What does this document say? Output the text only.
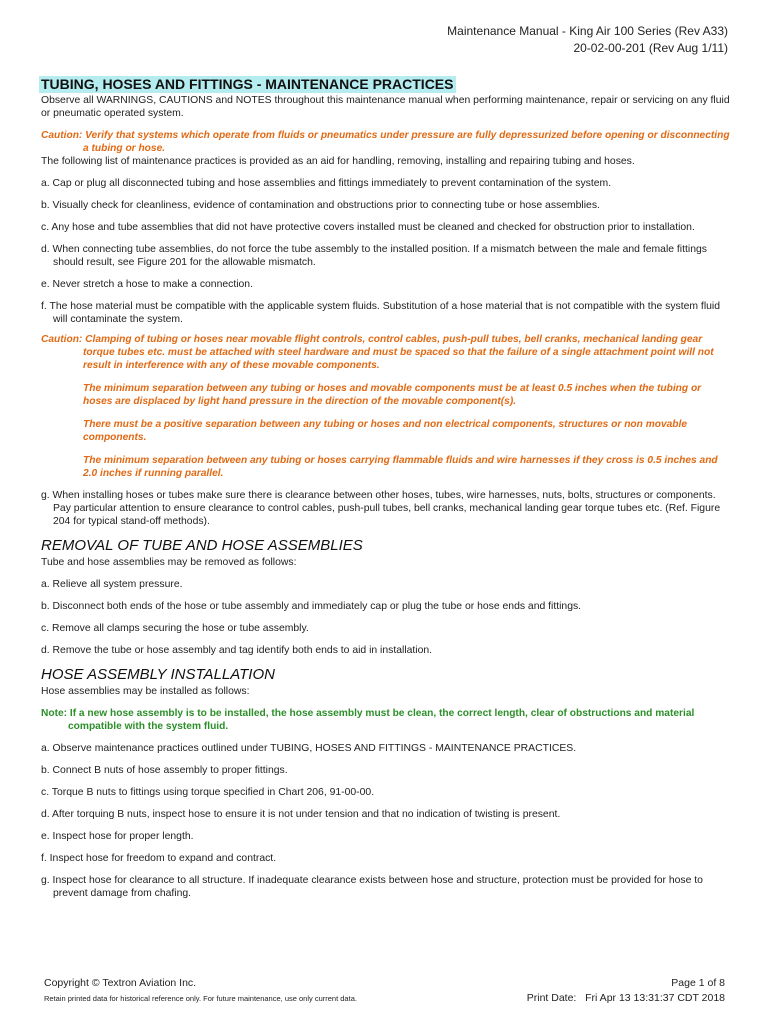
Maintenance Manual - King Air 100 Series (Rev A33)
20-02-00-201 (Rev Aug 1/11)
TUBING, HOSES AND FITTINGS - MAINTENANCE PRACTICES

Observe all WARNINGS, CAUTIONS and NOTES throughout this maintenance manual when performing maintenance, repair or servicing on any fluid or pneumatic operated system.

Caution: Verify that systems which operate from fluids or pneumatics under pressure are fully depressurized before opening or disconnecting a tubing or hose.

The following list of maintenance practices is provided as an aid for handling, removing, installing and repairing tubing and hoses.

a. Cap or plug all disconnected tubing and hose assemblies and fittings immediately to prevent contamination of the system.

b. Visually check for cleanliness, evidence of contamination and obstructions prior to connecting tube or hose assemblies.

c. Any hose and tube assemblies that did not have protective covers installed must be cleaned and checked for obstruction prior to installation.

d. When connecting tube assemblies, do not force the tube assembly to the installed position. If a mismatch between the male and female fittings should result, see Figure 201 for the allowable mismatch.

e. Never stretch a hose to make a connection.

f. The hose material must be compatible with the applicable system fluids. Substitution of a hose material that is not compatible with the system fluid will contaminate the system.

Caution: Clamping of tubing or hoses near movable flight controls, control cables, push-pull tubes, bell cranks, mechanical landing gear torque tubes etc. must be attached with steel hardware and must be spaced so that the failure of a single attachment point will not result in interference with any of these movable components.

The minimum separation between any tubing or hoses and movable components must be at least 0.5 inches when the tubing or hoses are displaced by light hand pressure in the direction of the movable component(s).

There must be a positive separation between any tubing or hoses and non electrical components, structures or non movable components.

The minimum separation between any tubing or hoses carrying flammable fluids and wire harnesses if they cross is 0.5 inches and 2.0 inches if running parallel.

g. When installing hoses or tubes make sure there is clearance between other hoses, tubes, wire harnesses, nuts, bolts, structures or components. Pay particular attention to ensure clearance to control cables, push-pull tubes, bell cranks, mechanical landing gear torque tubes etc. (Ref. Figure 204 for typical stand-off methods).

REMOVAL OF TUBE AND HOSE ASSEMBLIES

Tube and hose assemblies may be removed as follows:

a. Relieve all system pressure.

b. Disconnect both ends of the hose or tube assembly and immediately cap or plug the tube or hose ends and fittings.

c. Remove all clamps securing the hose or tube assembly.

d. Remove the tube or hose assembly and tag identify both ends to aid in installation.

HOSE ASSEMBLY INSTALLATION

Hose assemblies may be installed as follows:

Note: If a new hose assembly is to be installed, the hose assembly must be clean, the correct length, clear of obstructions and material compatible with the system fluid.

a. Observe maintenance practices outlined under TUBING, HOSES AND FITTINGS - MAINTENANCE PRACTICES.

b. Connect B nuts of hose assembly to proper fittings.

c. Torque B nuts to fittings using torque specified in Chart 206, 91-00-00.

d. After torquing B nuts, inspect hose to ensure it is not under tension and that no indication of twisting is present.

e. Inspect hose for proper length.

f. Inspect hose for freedom to expand and contract.

g. Inspect hose for clearance to all structure. If inadequate clearance exists between hose and structure, protection must be provided for hose to prevent damage from chafing.

Copyright © Textron Aviation Inc.
Retain printed data for historical reference only. For future maintenance, use only current data.
Page 1 of 8
Print Date:   Fri Apr 13 13:31:37 CDT 2018
